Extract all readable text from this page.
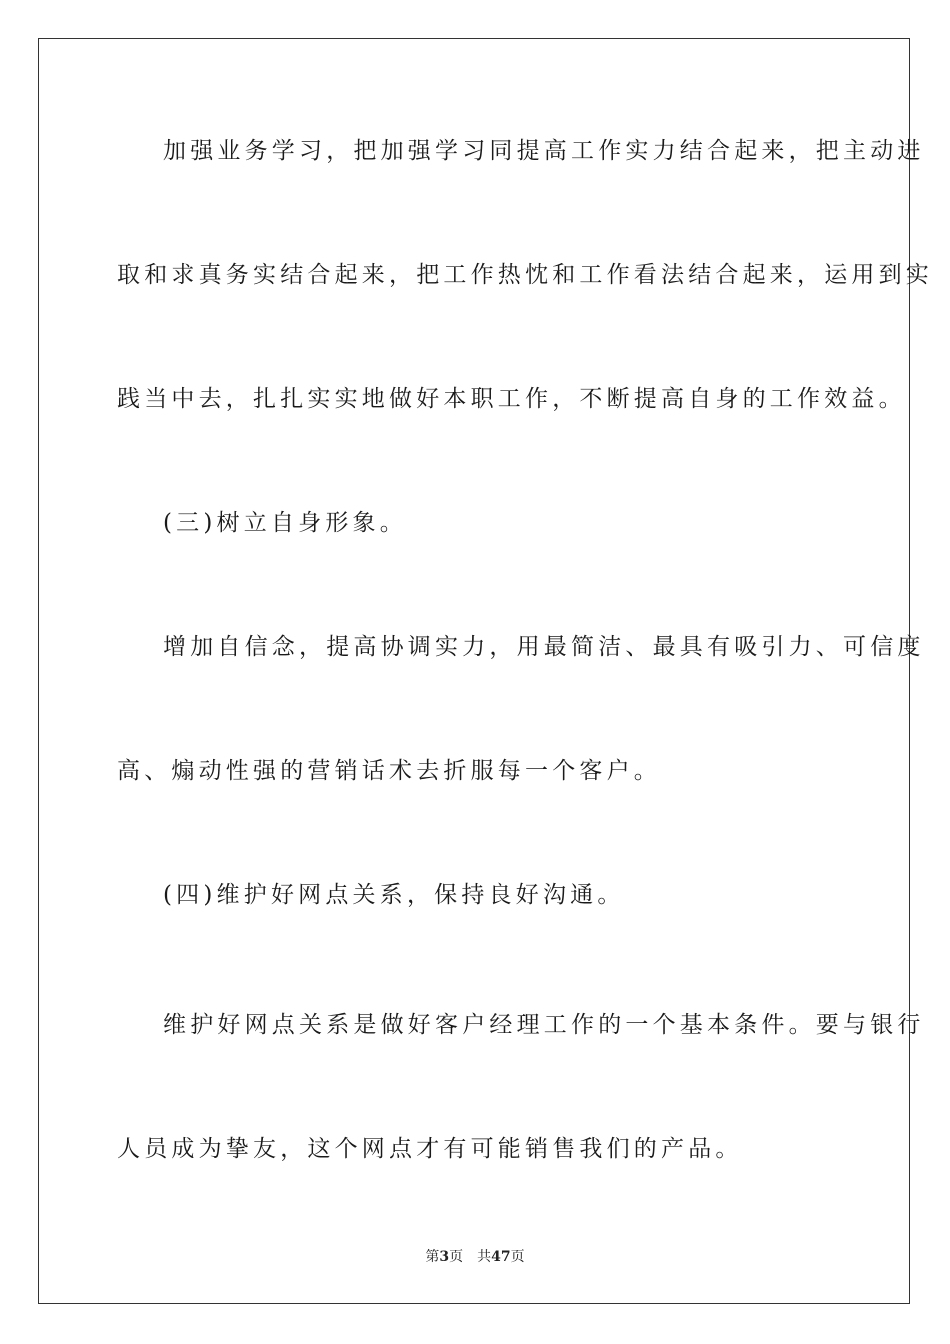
加强业务学习，把加强学习同提高工作实力结合起来，把主动进
取和求真务实结合起来，把工作热忱和工作看法结合起来，运用到实
践当中去，扎扎实实地做好本职工作，不断提高自身的工作效益。
(三)树立自身形象。
增加自信念，提高协调实力，用最简洁、最具有吸引力、可信度
高、煽动性强的营销话术去折服每一个客户。
(四)维护好网点关系，保持良好沟通。
维护好网点关系是做好客户经理工作的一个基本条件。要与银行
人员成为挚友，这个网点才有可能销售我们的产品。
第3页 共47页
